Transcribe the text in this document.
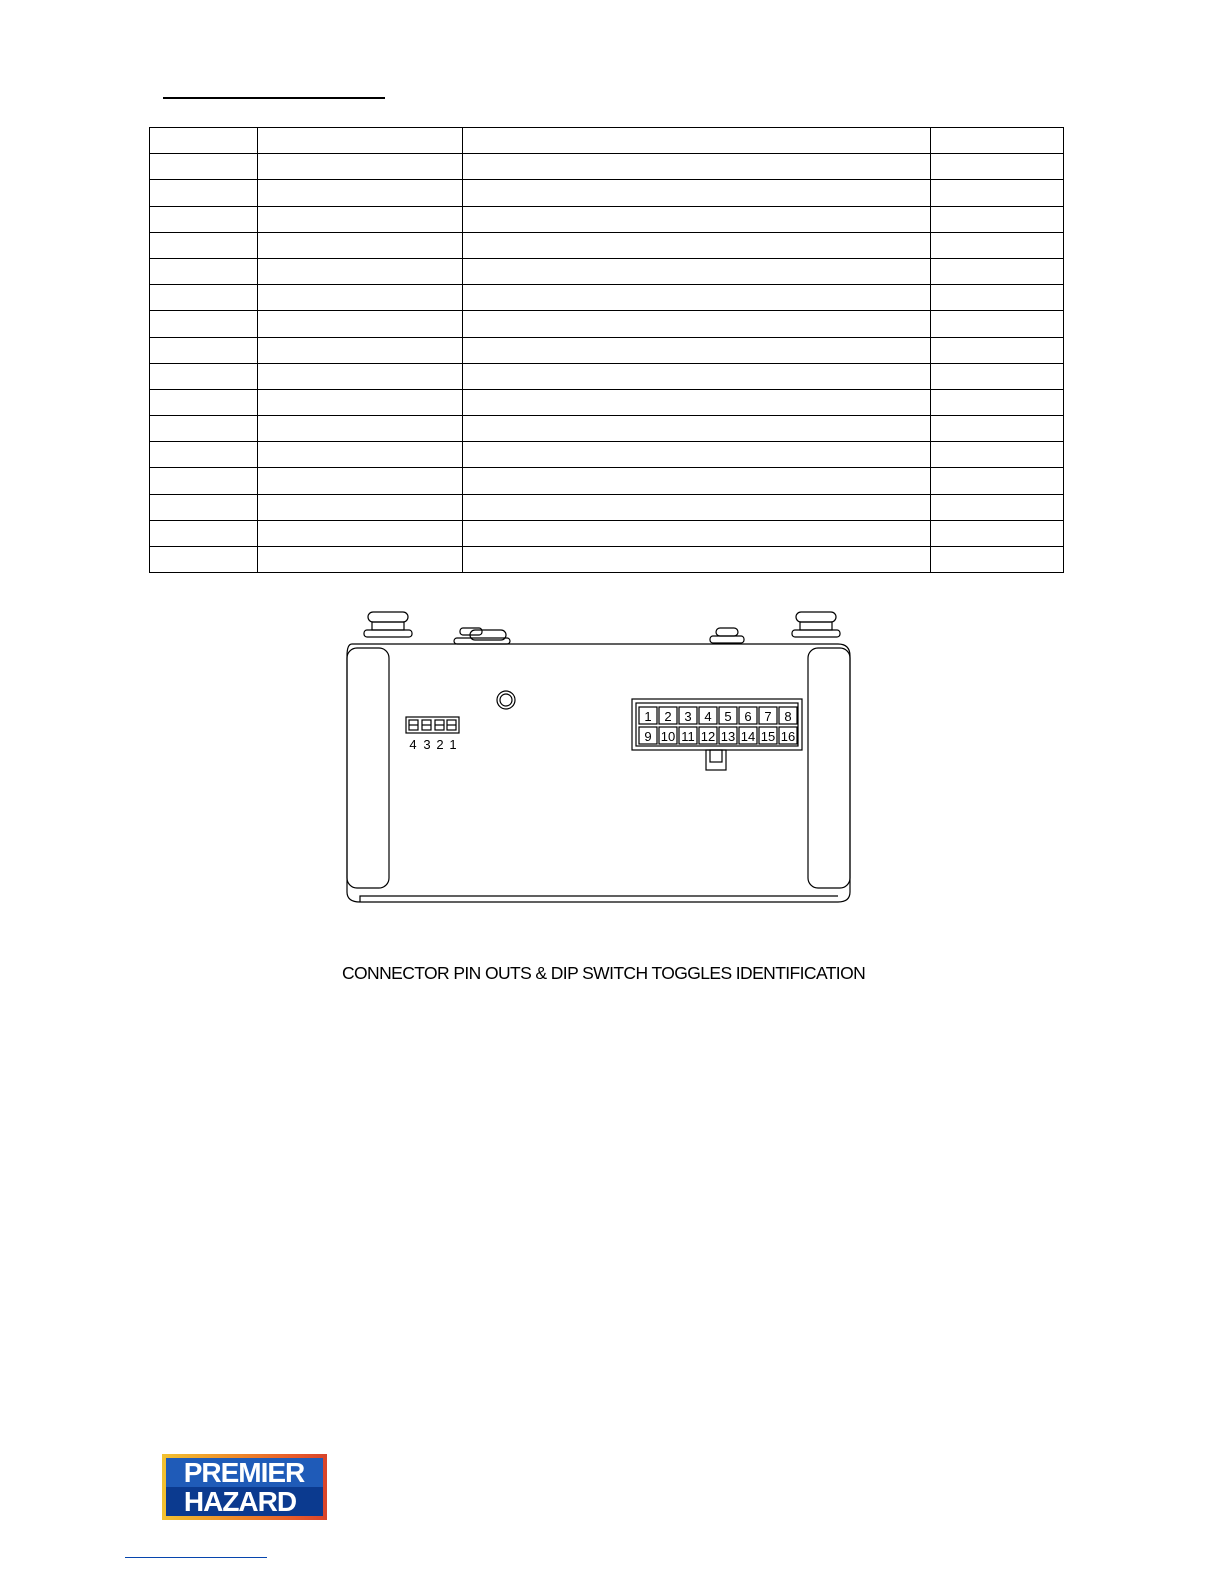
4 3 2 1
1 2 3 4 5 6 7 8
9 10 11 12 13 14 15 16
CONNECTOR PIN OUTS & DIP SWITCH TOGGLES IDENTIFICATION
PREMIER
HAZARD
